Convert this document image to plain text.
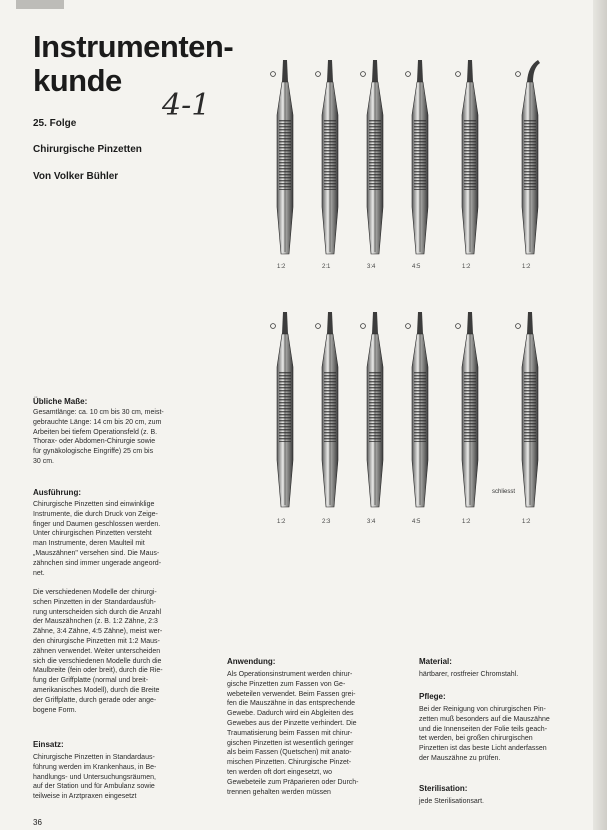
Instrumenten-
kunde
4-1
25. Folge
Chirurgische Pinzetten
Von Volker Bühler
Übliche Maße:

Gesamtlänge: ca. 10 cm bis 30 cm, meist-
gebrauchte Länge: 14 cm bis 20 cm, zum
Arbeiten bei tiefem Operationsfeld (z. B.
Thorax- oder Abdomen-Chirurgie sowie
für gynäkologische Eingriffe) 25 cm bis
30 cm.

Ausführung:

Chirurgische Pinzetten sind einwinklige
Instrumente, die durch Druck von Zeige-
finger und Daumen geschlossen werden.
Unter chirurgischen Pinzetten versteht
man Instrumente, deren Maulteil mit
„Mauszähnen" versehen sind. Die Maus-
zähnchen sind immer ungerade angeord-
net.

Die verschiedenen Modelle der chirurgi-
schen Pinzetten in der Standardausfüh-
rung unterscheiden sich durch die Anzahl
der Mauszähnchen (z. B. 1:2 Zähne, 2:3
Zähne, 3:4 Zähne, 4:5 Zähne), meist wer-
den chirurgische Pinzetten mit 1:2 Maus-
zähnen verwendet. Weiter unterscheiden
sich die verschiedenen Modelle durch die
Maulbreite (fein oder breit), durch die Rie-
fung der Griffplatte (normal und breit-
amerikanisches Modell), durch die Breite
der Griffplatte, durch gerade oder ange-
bogene Form.

Einsatz:

Chirurgische Pinzetten in Standardaus-
führung werden im Krankenhaus, in Be-
handlungs- und Untersuchungsräumen,
auf der Station und für Ambulanz sowie
teilweise in Arztpraxen eingesetzt

Anwendung:

Als Operationsinstrument werden chirur-
gische Pinzetten zum Fassen von Ge-
webeteilen verwendet. Beim Fassen grei-
fen die Mauszähne in das entsprechende
Gewebe. Dadurch wird ein Abgleiten des
Gewebes aus der Pinzette verhindert. Die
Traumatisierung beim Fassen mit chirur-
gischen Pinzetten ist wesentlich geringer
als beim Fassen (Quetschen) mit anato-
mischen Pinzetten. Chirurgische Pinzet-
ten werden oft dort eingesetzt, wo
Gewebeteile zum Präparieren oder Durch-
trennen gehalten werden müssen

Material:

härtbarer, rostfreier Chromstahl.

Pflege:

Bei der Reinigung von chirurgischen Pin-
zetten muß besonders auf die Mauszähne
und die Innenseiten der Folie teils geach-
tet werden, bei großen chirurgischen
Pinzetten ist das beste Licht anderfassen
der Mauszähne zu prüfen.

Sterilisation:

jede Sterilisationsart.

36
1:2	2:1	3:4	4:5	1:2	1:2
1:2	2:3	3:4	4:5	1:2	1:2
schliesst
